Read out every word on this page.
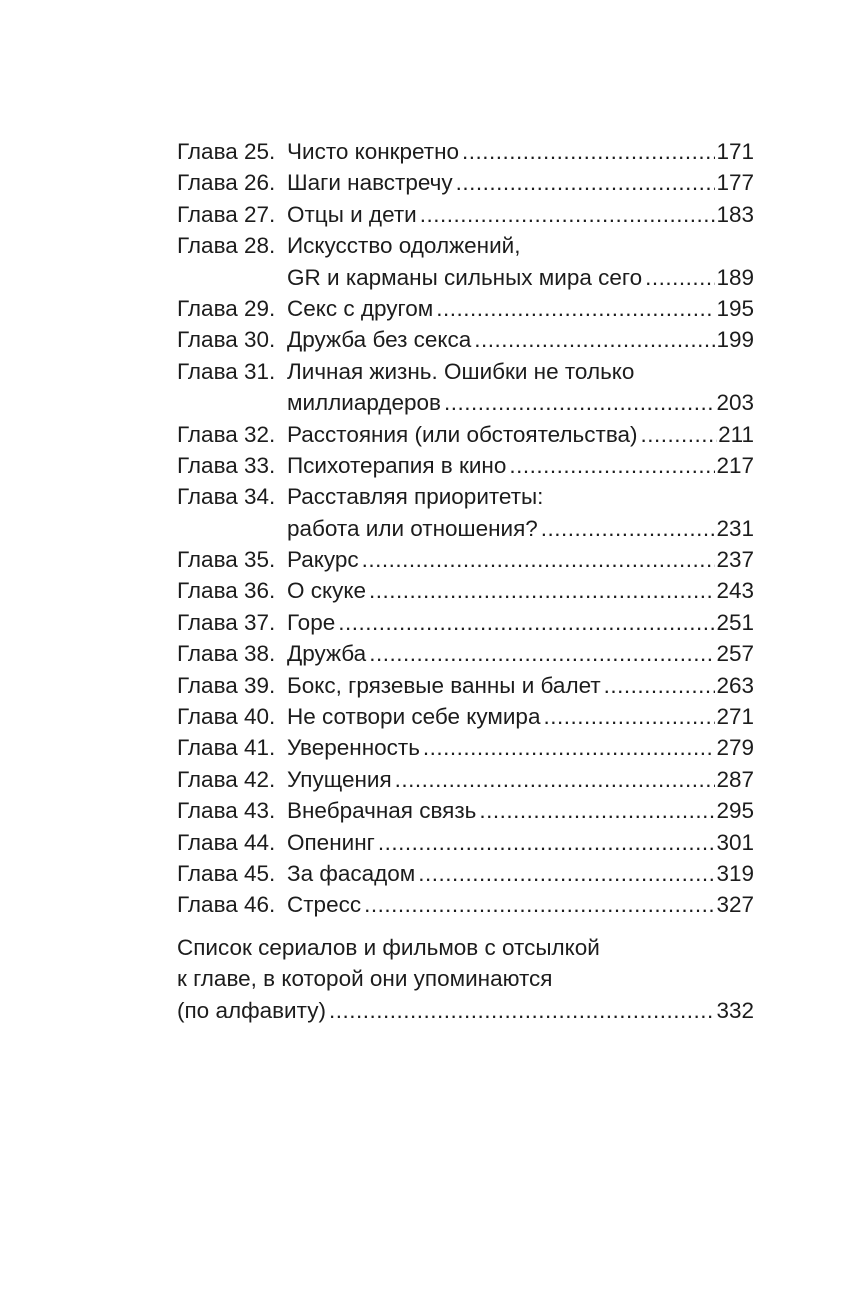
Глава 25. Чисто конкретно .....	171
Глава 26. Шаги навстречу .....	177
Глава 27. Отцы и дети .....	183
Глава 28. Искусство одолжений,
GR и карманы сильных мира сего .....	189
Глава 29. Секс с другом .....	195
Глава 30. Дружба без секса .....	199
Глава 31. Личная жизнь. Ошибки не только
миллиардеров .....	203
Глава 32. Расстояния (или обстоятельства) .....	211
Глава 33. Психотерапия в кино .....	217
Глава 34. Расставляя приоритеты:
работа или отношения? .....	231
Глава 35. Ракурс .....	237
Глава 36. О скуке .....	243
Глава 37. Горе .....	251
Глава 38. Дружба .....	257
Глава 39. Бокс, грязевые ванны и балет .....	263
Глава 40. Не сотвори себе кумира .....	271
Глава 41. Уверенность .....	279
Глава 42. Упущения .....	287
Глава 43. Внебрачная связь .....	295
Глава 44. Опенинг .....	301
Глава 45. За фасадом .....	319
Глава 46. Стресс .....	327
Список сериалов и фильмов с отсылкой
к главе, в которой они упоминаются
(по алфавиту) .....	332
